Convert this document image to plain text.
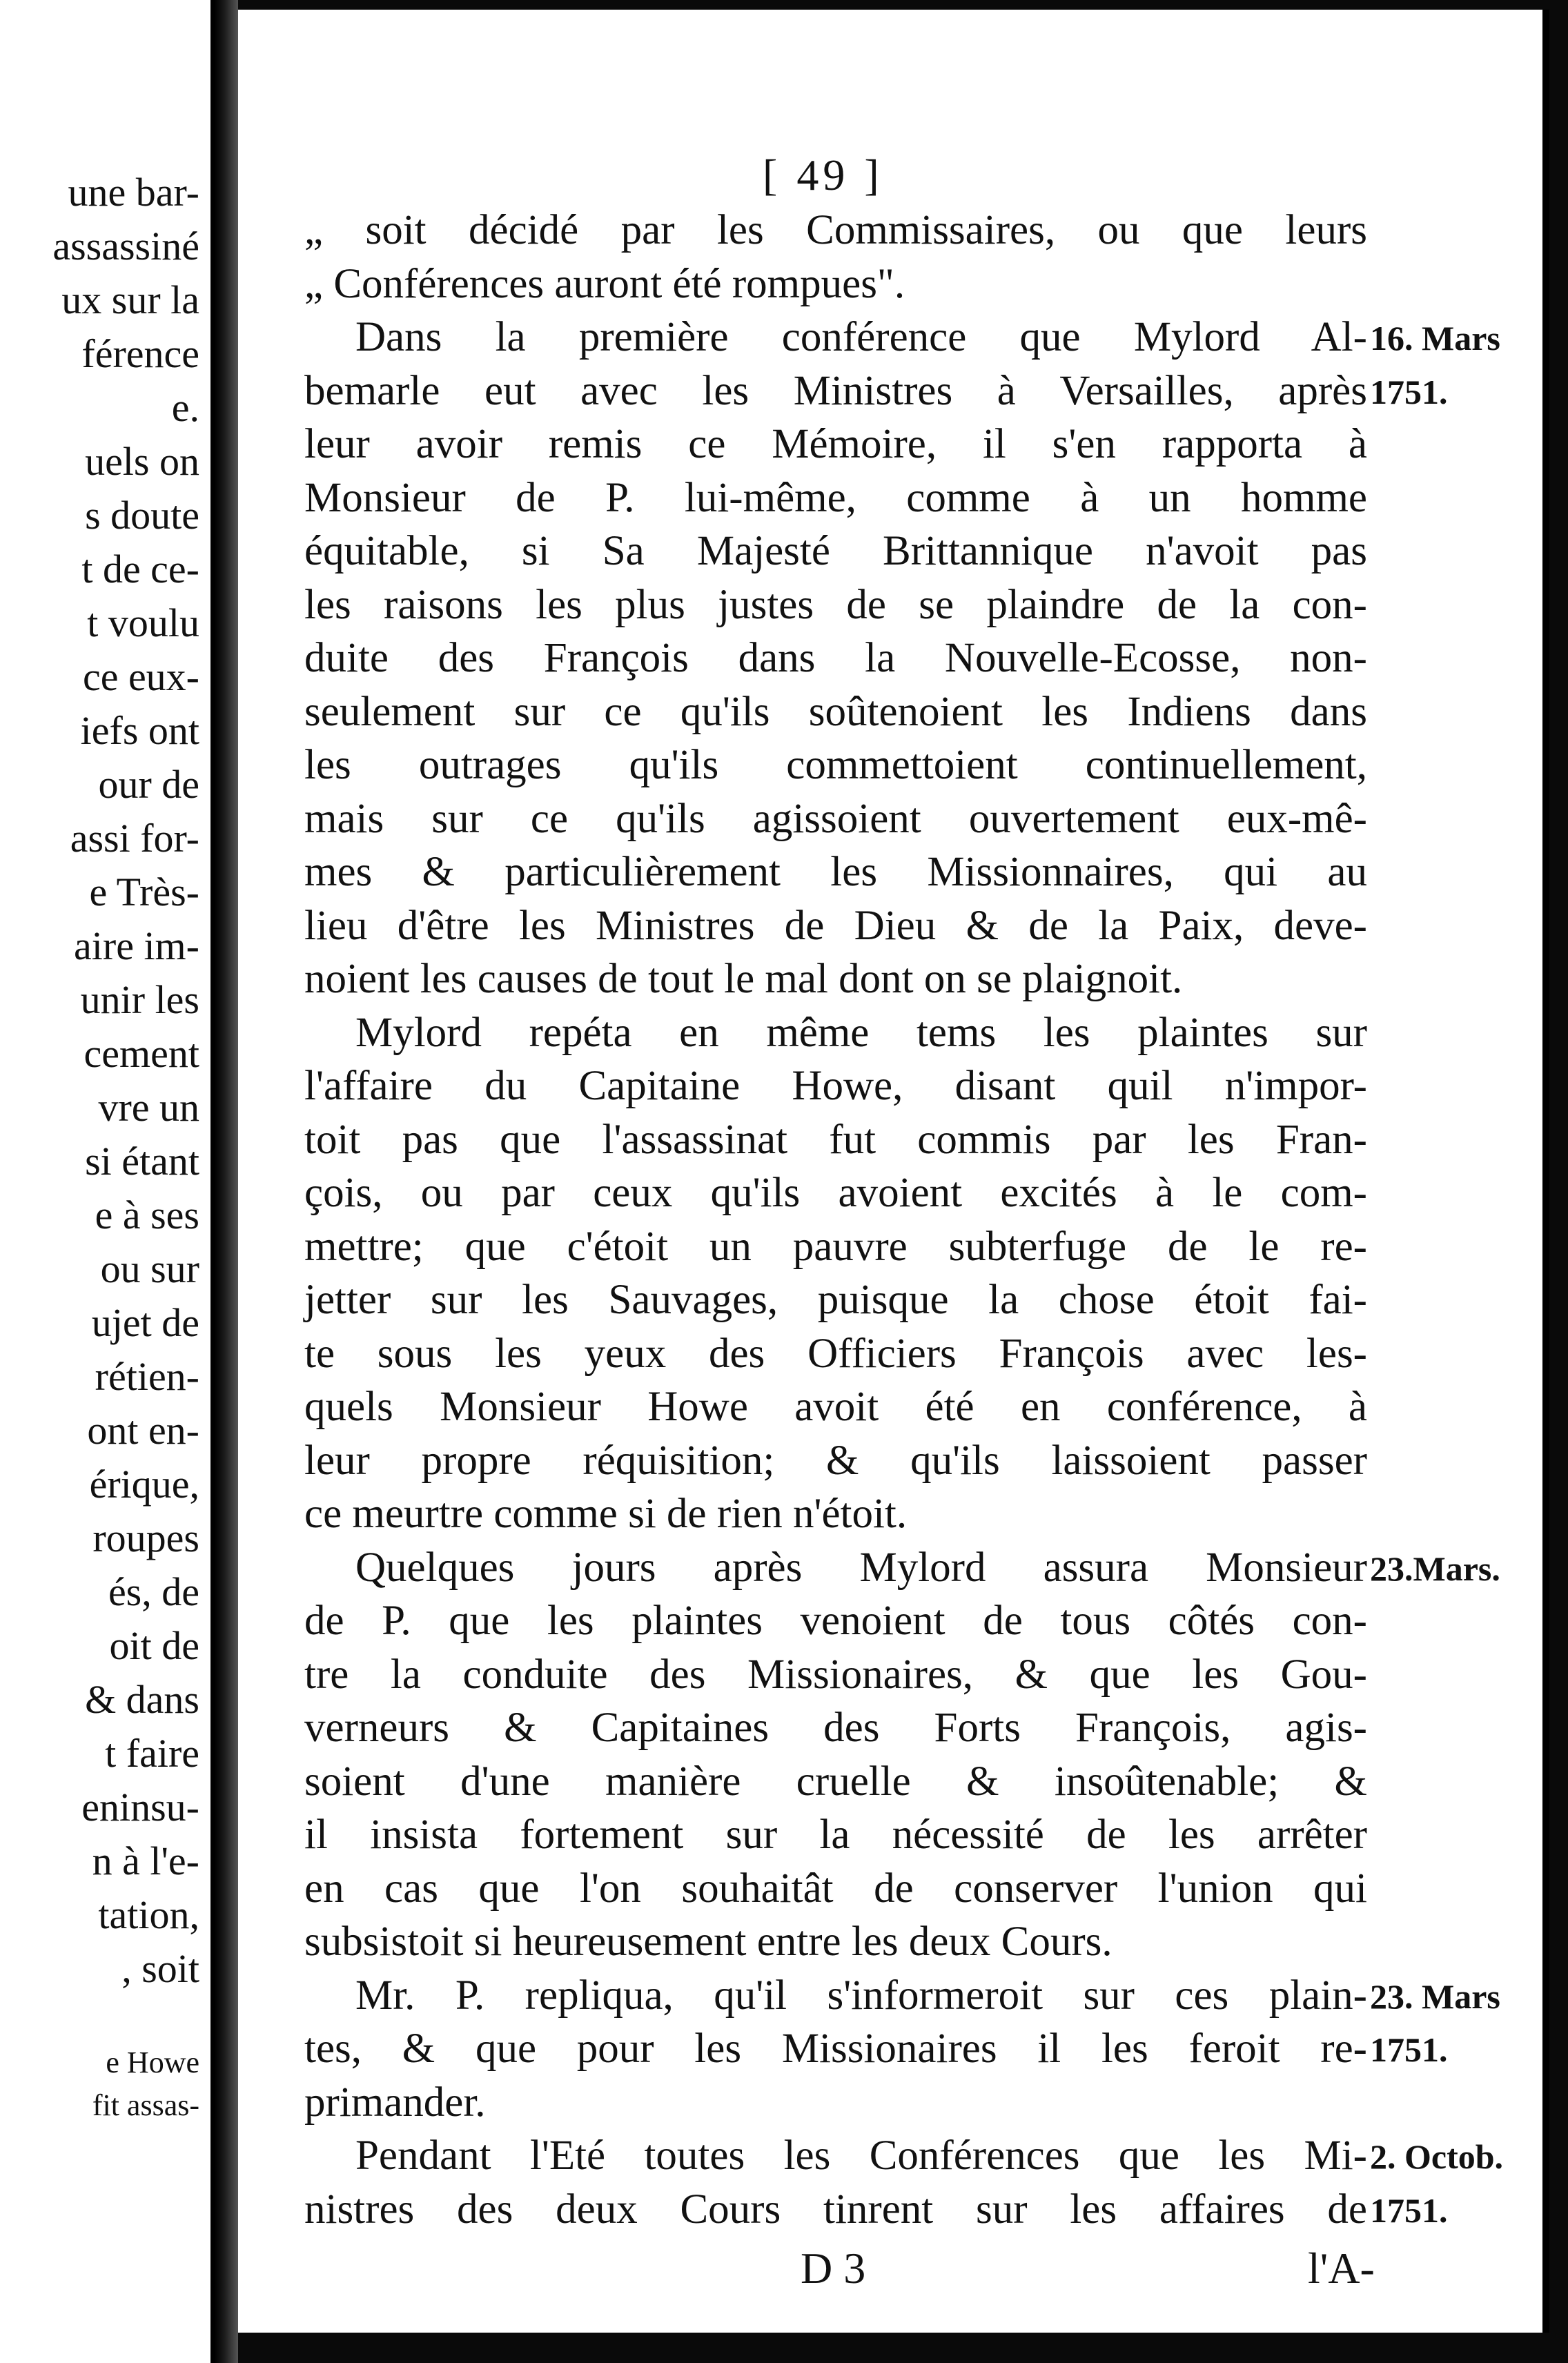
une bar-
assassiné
ux sur la
férence
e.
uels on
s doute
t de ce-
t voulu
ce eux-
iefs ont
our de
assi for-
e Très-
aire im-
unir les
cement
vre un
si étant
e à ses
ou sur
ujet de
rétien-
ont en-
érique,
roupes
és, de
oit de
& dans
t faire
eninsu-
n à l'e-
tation,
, soit
e Howe
fit assas-
[ 49 ]
„ soit décidé par les Commissaires, ou que leurs
„ Conférences auront été rompues".
Dans la première conférence que Mylord Al-
bemarle eut avec les Ministres à Versailles, après
leur avoir remis ce Mémoire, il s'en rapporta à
Monsieur de P. lui-même, comme à un homme
équitable, si Sa Majesté Brittannique n'avoit pas
les raisons les plus justes de se plaindre de la con-
duite des François dans la Nouvelle-Ecosse, non-
seulement sur ce qu'ils soûtenoient les Indiens dans
les outrages qu'ils commettoient continuellement,
mais sur ce qu'ils agissoient ouvertement eux-mê-
mes & particulièrement les Missionnaires, qui au
lieu d'être les Ministres de Dieu & de la Paix, deve-
noient les causes de tout le mal dont on se plaignoit.
Mylord repéta en même tems les plaintes sur
l'affaire du Capitaine Howe, disant quil n'impor-
toit pas que l'assassinat fut commis par les Fran-
çois, ou par ceux qu'ils avoient excités à le com-
mettre; que c'étoit un pauvre subterfuge de le re-
jetter sur les Sauvages, puisque la chose étoit fai-
te sous les yeux des Officiers François avec les-
quels Monsieur Howe avoit été en conférence, à
leur propre réquisition; & qu'ils laissoient passer
ce meurtre comme si de rien n'étoit.
Quelques jours après Mylord assura Monsieur
de P. que les plaintes venoient de tous côtés con-
tre la conduite des Missionaires, & que les Gou-
verneurs & Capitaines des Forts François, agis-
soient d'une manière cruelle & insoûtenable; &
il insista fortement sur la nécessité de les arrêter
en cas que l'on souhaitât de conserver l'union qui
subsistoit si heureusement entre les deux Cours.
Mr. P. repliqua, qu'il s'informeroit sur ces plain-
tes, & que pour les Missionaires il les feroit re-
primander.
Pendant l'Eté toutes les Conférences que les Mi-
nistres des deux Cours tinrent sur les affaires de
16. Mars
1751.
23.Mars.
23. Mars
1751.
2. Octob.
1751.
D 3	l'A-
